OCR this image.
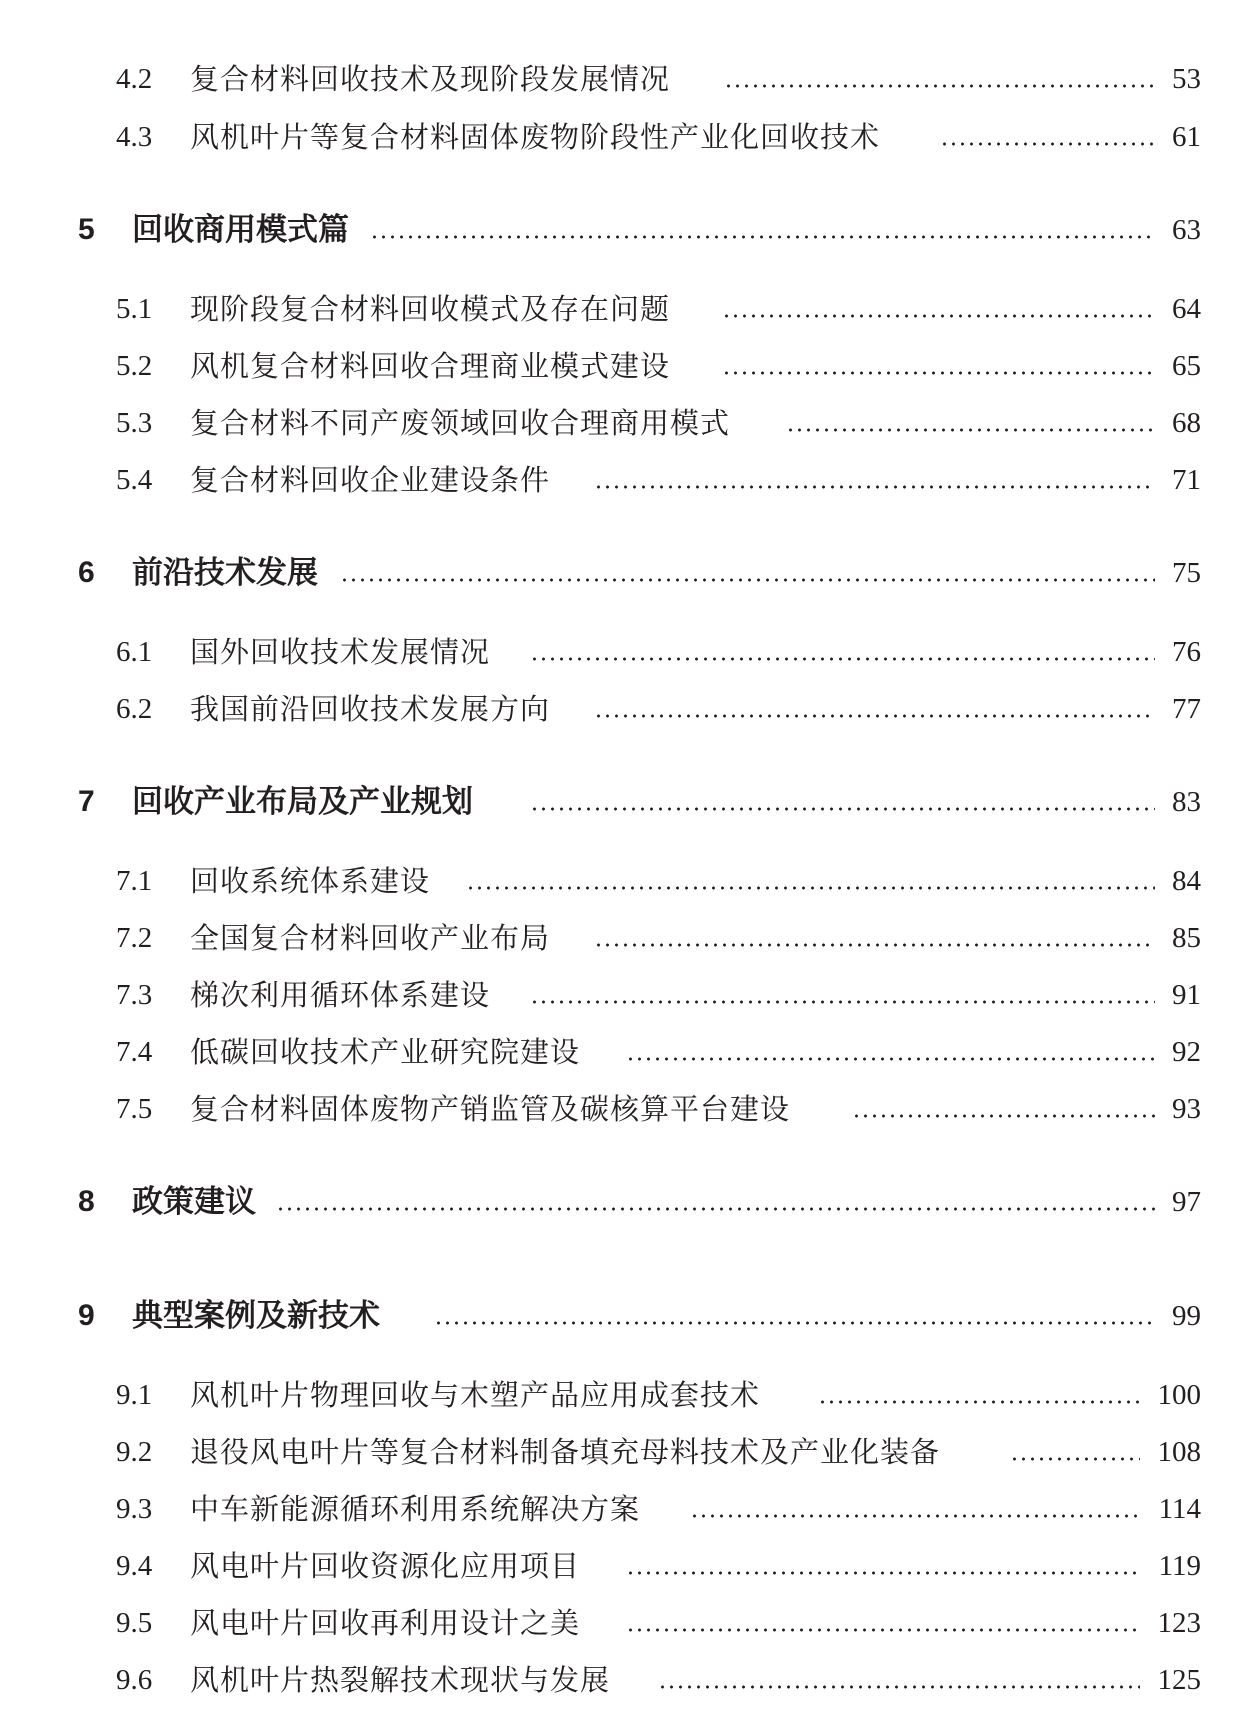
4.2 复合材料回收技术及现阶段发展情况	53
4.3 风机叶片等复合材料固体废物阶段性产业化回收技术	61
5 回收商用模式篇	63
5.1 现阶段复合材料回收模式及存在问题	64
5.2 风机复合材料回收合理商业模式建设	65
5.3 复合材料不同产废领域回收合理商用模式	68
5.4 复合材料回收企业建设条件	71
6 前沿技术发展	75
6.1 国外回收技术发展情况	76
6.2 我国前沿回收技术发展方向	77
7 回收产业布局及产业规划	83
7.1 回收系统体系建设	84
7.2 全国复合材料回收产业布局	85
7.3 梯次利用循环体系建设	91
7.4 低碳回收技术产业研究院建设	92
7.5 复合材料固体废物产销监管及碳核算平台建设	93
8 政策建议	97
9 典型案例及新技术	99
9.1 风机叶片物理回收与木塑产品应用成套技术	100
9.2 退役风电叶片等复合材料制备填充母料技术及产业化装备	108
9.3 中车新能源循环利用系统解决方案	114
9.4 风电叶片回收资源化应用项目	119
9.5 风电叶片回收再利用设计之美	123
9.6 风机叶片热裂解技术现状与发展	125
